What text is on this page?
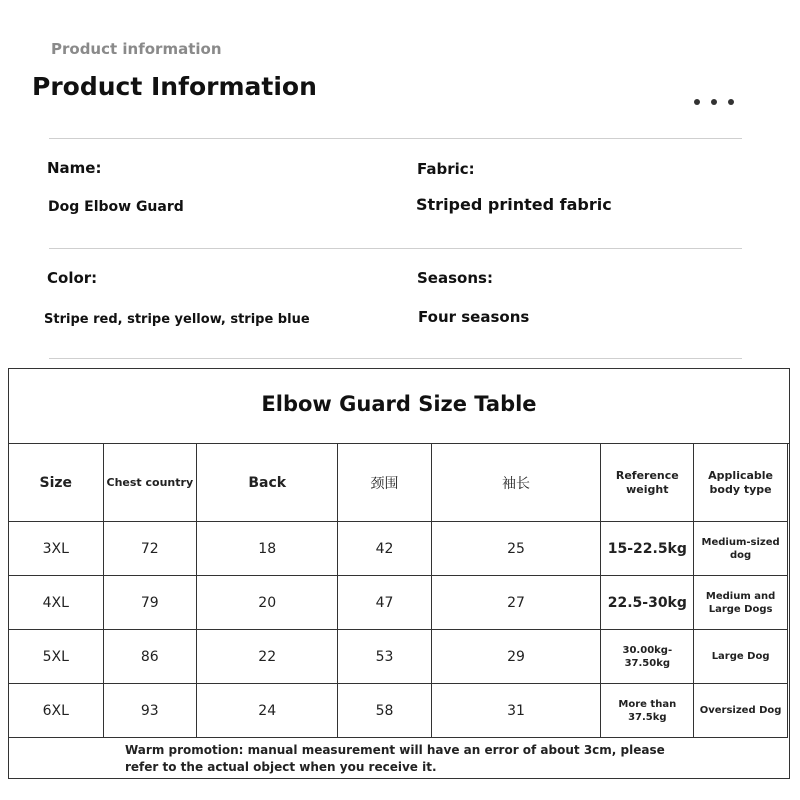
Product information
Product Information
Name:
Dog Elbow Guard
Fabric:
Striped printed fabric
Color:
Stripe red, stripe yellow, stripe blue
Seasons:
Four seasons
Elbow Guard Size Table
Size	Chest country	Back	颈围	袖长	Reference weight	Applicable body type
3XL	72	18	42	25	15-22.5kg	Medium-sized dog
4XL	79	20	47	27	22.5-30kg	Medium and Large Dogs
5XL	86	22	53	29	30.00kg-37.50kg	Large Dog
6XL	93	24	58	31	More than 37.5kg	Oversized Dog
Warm promotion: manual measurement will have an error of about 3cm, please refer to the actual object when you receive it.
